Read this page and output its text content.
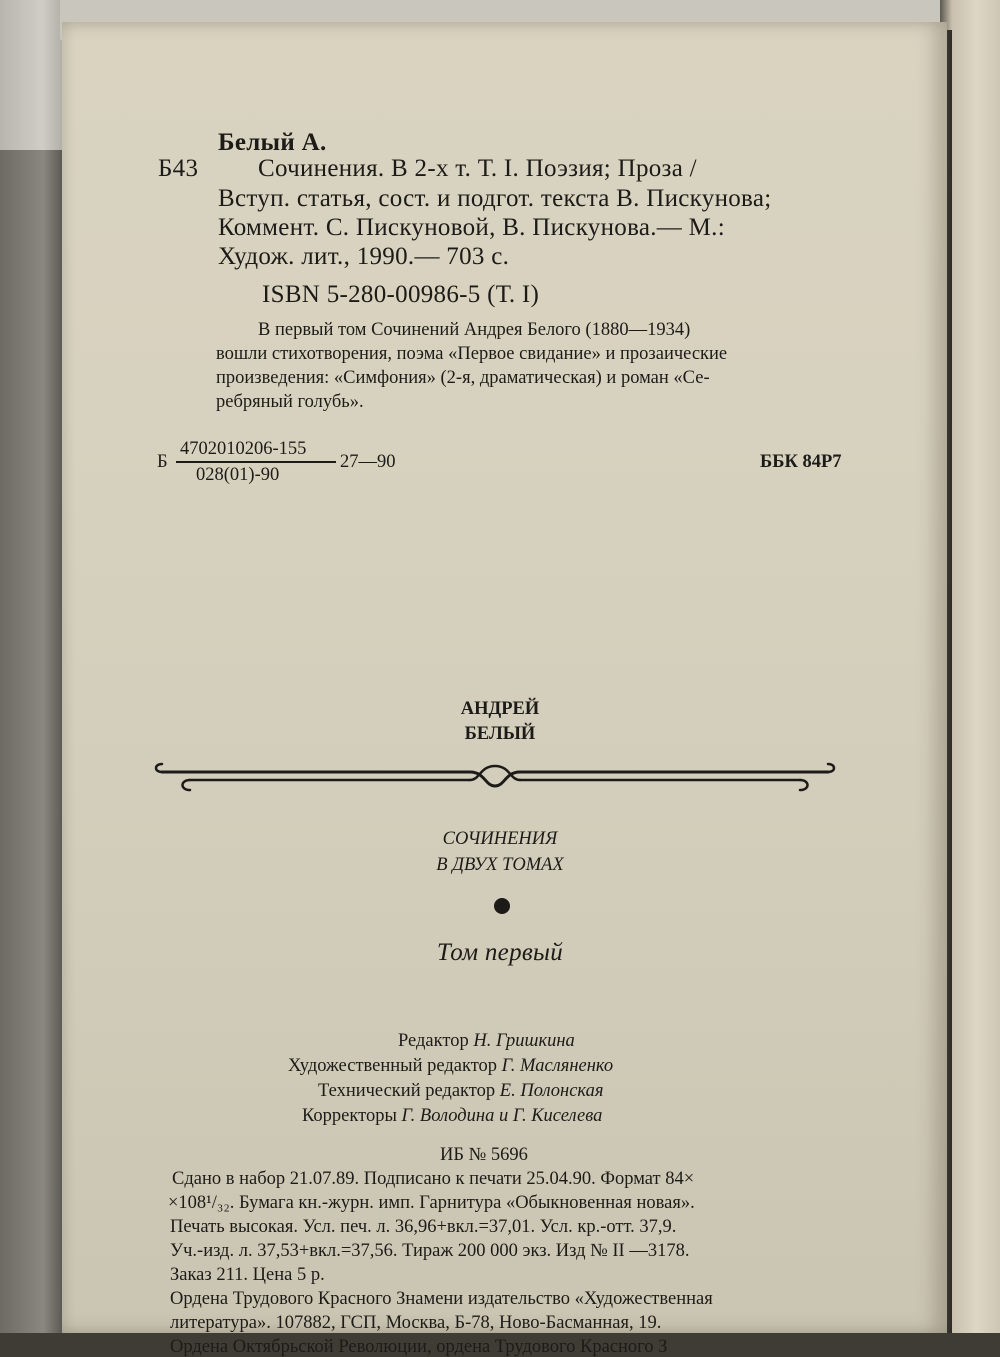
Белый А.
Б43 Сочинения. В 2-х т. Т. I. Поэзия; Проза /
Вступ. статья, сост. и подгот. текста В. Пискунова;
Коммент. С. Пискуновой, В. Пискунова.— М.:
Худож. лит., 1990.— 703 с.
ISBN 5-280-00986-5 (Т. I)
В первый том Сочинений Андрея Белого (1880—1934)
вошли стихотворения, поэма «Первое свидание» и прозаические
произведения: «Симфония» (2-я, драматическая) и роман «Се-
ребряный голубь».
Б
4702010206-155
028(01)-90
27—90	ББК 84Р7
АНДРЕЙ
БЕЛЫЙ
СОЧИНЕНИЯ
В ДВУХ ТОМАХ
Том первый
Редактор Н. Гришкина
Художественный редактор Г. Масляненко
Технический редактор Е. Полонская
Корректоры Г. Володина и Г. Киселева
ИБ № 5696
Сдано в набор 21.07.89. Подписано к печати 25.04.90. Формат 84×
×108¹/₃₂. Бумага кн.-журн. имп. Гарнитура «Обыкновенная новая».
Печать высокая. Усл. печ. л. 36,96+вкл.=37,01. Усл. кр.-отт. 37,9.
Уч.-изд. л. 37,53+вкл.=37,56. Тираж 200 000 экз. Изд № II —3178.
Заказ 211. Цена 5 р.
Ордена Трудового Красного Знамени издательство «Художественная
литература». 107882, ГСП, Москва, Б-78, Ново-Басманная, 19.
Ордена Октябрьской Революции, ордена Трудового Красного З
